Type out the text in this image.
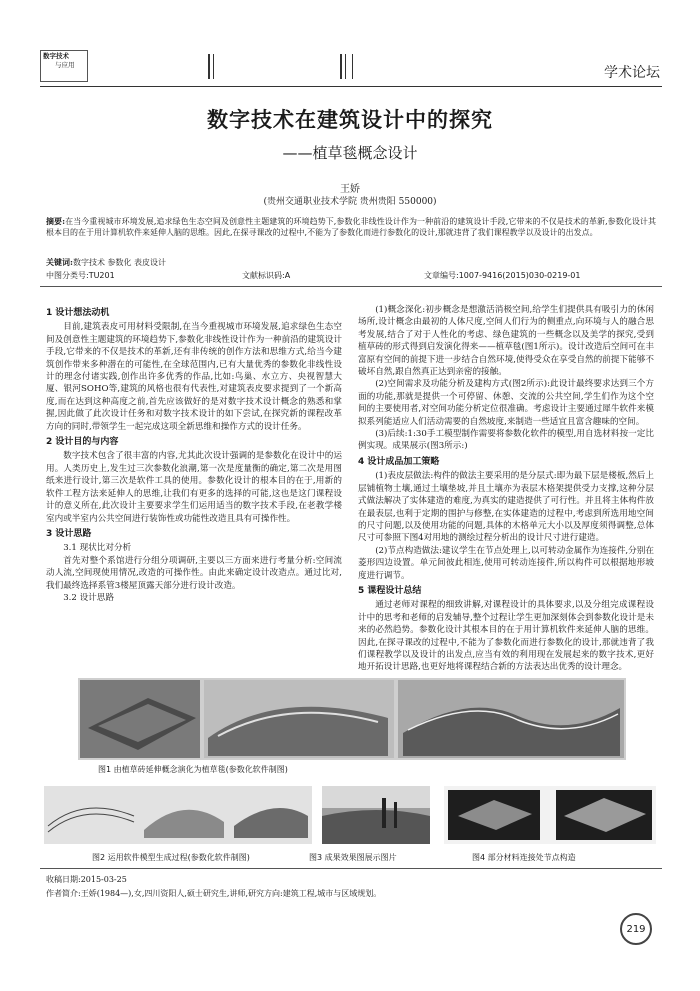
数字技术
与应用	学术论坛
数字技术在建筑设计中的探究
——植草毯概念设计
王娇
(贵州交通职业技术学院 贵州贵阳 550000)
摘要:在当今重视城市环境发展,追求绿色生态空间及创意性主题建筑的环境趋势下,参数化非线性设计作为一种前沿的建筑设计手段,它带来的不仅是技术的革新,参数化设计其根本目的在于用计算机软件来延伸人脑的思维。因此,在探寻课改的过程中,不能为了参数化而进行参数化的设计,那就违背了我们课程教学以及设计的出发点。
关键词:数字技术 参数化 表皮设计
中图分类号:TU201	文献标识码:A	文章编号:1007-9416(2015)030-0219-01
1 设计想法动机

目前,建筑表皮可用材料受限制,在当今重视城市环境发展,追求绿色生态空间及创意性主题建筑的环境趋势下,参数化非线性设计作为一种前沿的建筑设计手段,它带来的不仅是技术的革新,还有非传统的创作方法和思维方式,给当今建筑创作带来多种潜在的可能性,在全球范围内,已有大量优秀的参数化非线性设计的理念付诸实践,创作出许多优秀的作品,比如:鸟巢、水立方、央视智慧大厦、银河SOHO等,建筑的风格也很有代表性,对建筑表皮要求提到了一个新高度,而在达到这种高度之前,首先应该做好的是对数字技术设计概念的熟悉和掌握,因此做了此次设计任务和对数字技术设计的如下尝试,在探究新的课程改革方向的同时,带领学生一起完成这项全新思维和操作方式的设计任务。

2 设计目的与内容

数字技术包含了很丰富的内容,尤其此次设计强调的是参数化在设计中的运用。人类历史上,发生过三次参数化浪潮,第一次是度量衡的确定,第二次是用图纸来进行设计,第三次是软件工具的使用。参数化设计的根本目的在于,用新的软件工程方法来延伸人的思维,让我们有更多的选择的可能,这也是这门课程设计的意义所在,此次设计主要要求学生们运用适当的数字技术手段,在老教学楼室内或半室内公共空间进行装饰性或功能性改造且具有可操作性。

3 设计思路
3.1 现状比对分析

首先对整个系馆进行分组分项调研,主要以三方面来进行考量分析:空间流动人流,空间现使用情况,改造的可操作性。由此来确定设计改造点。通过比对,我们最终选择系管3楼屋顶露天部分进行设计改造。

3.2 设计思路

(1)概念深化:初步概念是想激活消极空间,给学生们提供具有吸引力的休闲场所,设计概念由最初的人体尺度,空间人们行为的侧重点,向环境与人的融合思考发展,结合了对于人性化的考虑、绿色建筑的一些概念以及美学的探究,受到植草砖的形式得到启发演化得来——植草毯(图1所示)。设计改造后空间可在丰富原有空间的前提下进一步结合自然环境,使得受众在享受自然的前提下能够不破坏自然,跟自然真正达到亲密的接触。

(2)空间需求及功能分析及建构方式(图2所示):此设计最终要求达到三个方面的功能,那就是提供一个可停留、休憩、交流的公共空间,学生们作为这个空间的主要使用者,对空间功能分析定位很准确。考虑设计主要通过犀牛软件来模拟系列能适应人们活动需要的自然坡度,来制造一些适宜且富含趣味的空间。

(3)后续:1:30手工模型制作需要将参数化软件的模型,用自选材料按一定比例实现。成果展示(图3所示:)

4 设计成品加工策略

(1)表皮层做法:构件的做法主要采用的是分层式:即为最下层是楼板,然后上层铺植物土壤,通过土壤垫坡,并且土壤亦为表层木格架提供受力支撑,这种分层式做法解决了实体建造的难度,为真实的建造提供了可行性。并且将主体构件放在最表层,也利于定期的围护与修整,在实体建造的过程中,考虑到所选用地空间的尺寸问题,以及使用功能的问题,具体的木格单元大小以及厚度须得调整,总体尺寸可参照下图4对用地的测绘过程分析出的设计尺寸进行建造。

(2)节点构造做法:建议学生在节点处理上,以可转动金属作为连接件,分别在菱形四边设置。单元间彼此相连,使用可转动连接件,所以构件可以根据地形坡度进行调节。

5 课程设计总结

通过老师对课程的细致讲解,对课程设计的具体要求,以及分组完成课程设计中的思考和老师的启发辅导,整个过程让学生更加深刻体会到参数化设计是未来的必然趋势。参数化设计其根本目的在于用计算机软件来延伸人脑的思维。因此,在探寻课改的过程中,不能为了参数化而进行参数化的设计,那就违背了我们课程教学以及设计的出发点,应当有效的利用现在发展起来的数字技术,更好地开拓设计思路,也更好地将课程结合新的方法表达出优秀的设计理念。

图1 由植草砖延伸概念演化为植草毯(参数化软件制图)
图2 运用软件模型生成过程(参数化软件制图)	图3 成果效果图展示图片	图4 部分材料连接处节点构造
收稿日期:2015-03-25
作者简介:王娇(1984—),女,四川资阳人,硕士研究生,讲师,研究方向:建筑工程,城市与区域规划。
219
